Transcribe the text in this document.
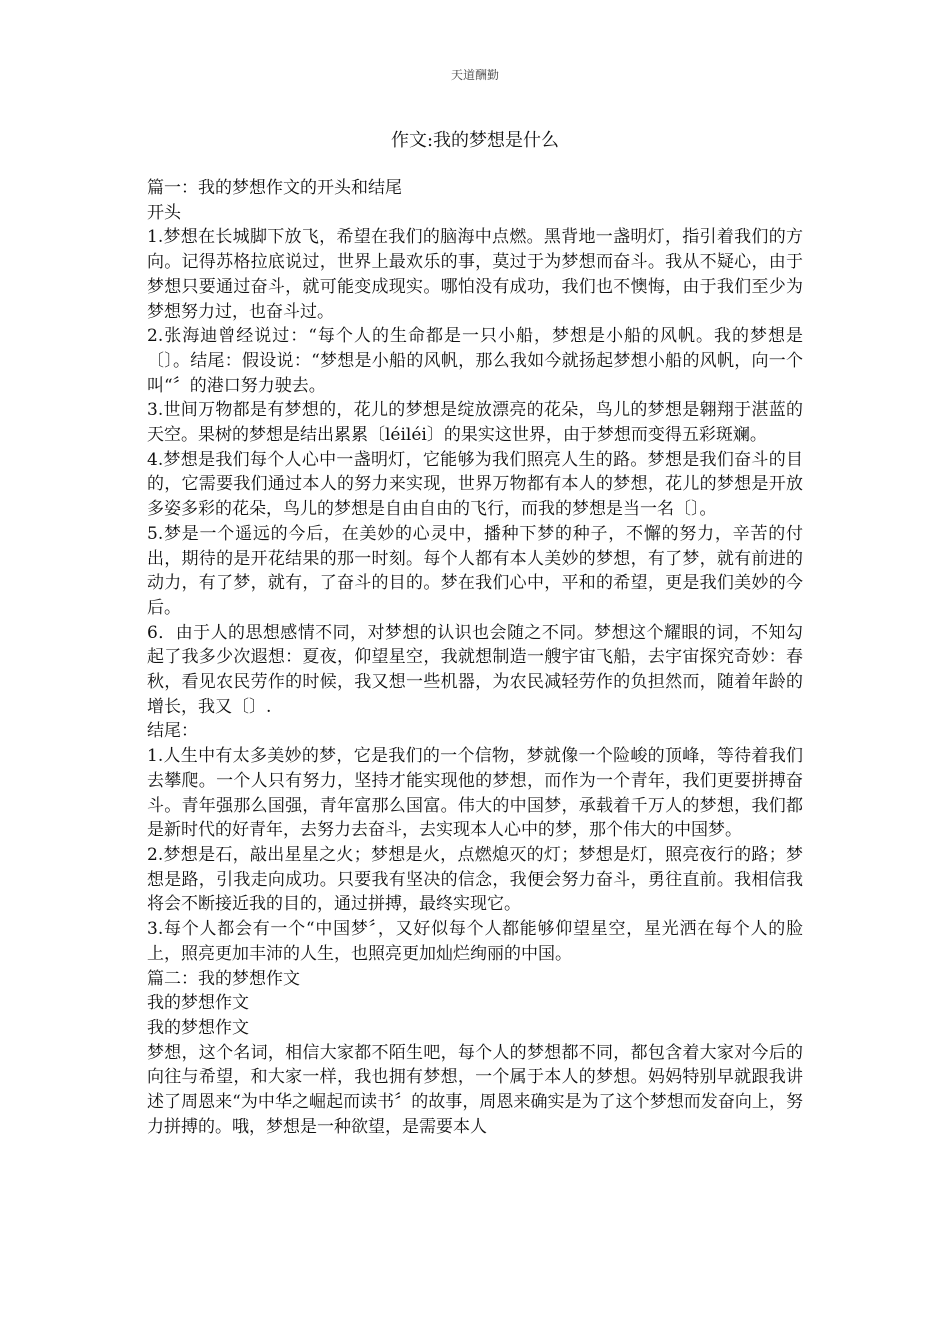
天道酬勤
作文:我的梦想是什么

篇一：我的梦想作文的开头和结尾

开头

1.梦想在长城脚下放飞，希望在我们的脑海中点燃。黑背地一盏明灯，指引着我们的方向。记得苏格拉底说过，世界上最欢乐的事，莫过于为梦想而奋斗。我从不疑心，由于梦想只要通过奋斗，就可能变成现实。哪怕没有成功，我们也不懊悔，由于我们至少为梦想努力过，也奋斗过。

2.张海迪曾经说过：“每个人的生命都是一只小船，梦想是小船的风帆。我的梦想是〔〕。结尾：假设说：“梦想是小船的风帆，那么我如今就扬起梦想小船的风帆，向一个叫“〞的港口努力驶去。

3.世间万物都是有梦想的，花儿的梦想是绽放漂亮的花朵，鸟儿的梦想是翱翔于湛蓝的天空。果树的梦想是结出累累〔léiléi〕的果实这世界，由于梦想而变得五彩斑斓。

4.梦想是我们每个人心中一盏明灯，它能够为我们照亮人生的路。梦想是我们奋斗的目的，它需要我们通过本人的努力来实现，世界万物都有本人的梦想，花儿的梦想是开放多姿多彩的花朵，鸟儿的梦想是自由自由的飞行，而我的梦想是当一名〔〕。

5.梦是一个遥远的今后，在美妙的心灵中，播种下梦的种子，不懈的努力，辛苦的付出，期待的是开花结果的那一时刻。每个人都有本人美妙的梦想，有了梦，就有前进的动力，有了梦，就有，了奋斗的目的。梦在我们心中，平和的希望，更是我们美妙的今后。

6．由于人的思想感情不同，对梦想的认识也会随之不同。梦想这个耀眼的词，不知勾起了我多少次遐想：夏夜，仰望星空，我就想制造一艘宇宙飞船，去宇宙探究奇妙：春秋，看见农民劳作的时候，我又想一些机器，为农民减轻劳作的负担然而，随着年龄的增长，我又〔〕.

结尾：

1.人生中有太多美妙的梦，它是我们的一个信物，梦就像一个险峻的顶峰，等待着我们去攀爬。一个人只有努力，坚持才能实现他的梦想，而作为一个青年，我们更要拼搏奋斗。青年强那么国强，青年富那么国富。伟大的中国梦，承载着千万人的梦想，我们都是新时代的好青年，去努力去奋斗，去实现本人心中的梦，那个伟大的中国梦。

2.梦想是石，敲出星星之火；梦想是火，点燃熄灭的灯；梦想是灯，照亮夜行的路；梦想是路，引我走向成功。只要我有坚决的信念，我便会努力奋斗，勇往直前。我相信我将会不断接近我的目的，通过拼搏，最终实现它。

3.每个人都会有一个“中国梦〞，又好似每个人都能够仰望星空，星光洒在每个人的脸上，照亮更加丰沛的人生，也照亮更加灿烂绚丽的中国。

篇二：我的梦想作文

我的梦想作文

我的梦想作文

梦想，这个名词，相信大家都不陌生吧，每个人的梦想都不同，都包含着大家对今后的向往与希望，和大家一样，我也拥有梦想，一个属于本人的梦想。妈妈特别早就跟我讲述了周恩来“为中华之崛起而读书〞的故事，周恩来确实是为了这个梦想而发奋向上，努力拼搏的。哦，梦想是一种欲望，是需要本人
